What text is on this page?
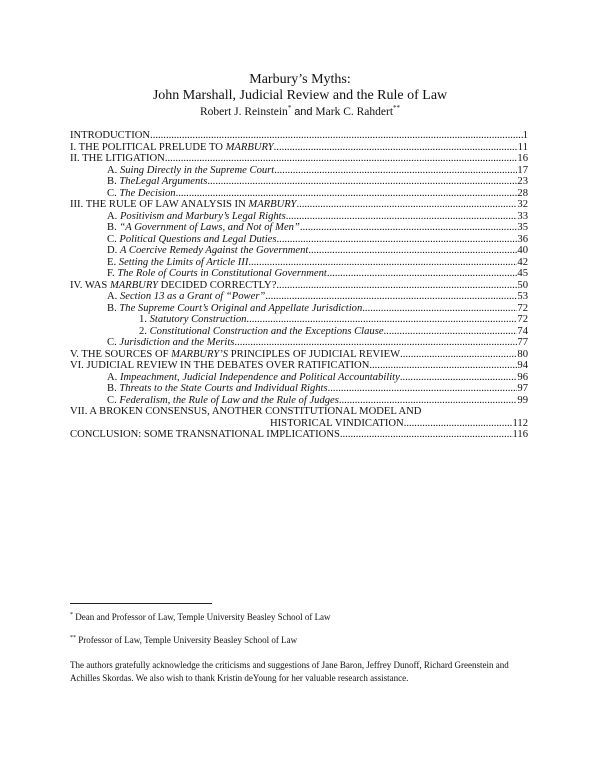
Marbury’s Myths:
John Marshall, Judicial Review and the Rule of Law
Robert J. Reinstein* and Mark C. Rahdert**
INTRODUCTION .....	1
I. THE POLITICAL PRELUDE TO MARBURY .....	11
II. THE LITIGATION .....	16
A. Suing Directly in the Supreme Court .....	17
B. TheLegal Arguments .....	23
C. The Decision .....	28
III. THE RULE OF LAW ANALYSIS IN MARBURY .....	32
A. Positivism and Marbury’s Legal Rights .....	33
B. “A Government of Laws, and Not of Men” .....	35
C. Political Questions and Legal Duties .....	36
D. A Coercive Remedy Against the Government .....	40
E. Setting the Limits of Article III .....	42
F. The Role of Courts in Constitutional Government .....	45
IV. WAS MARBURY DECIDED CORRECTLY? .....	50
A. Section 13 as a Grant of “Power” .....	53
B. The Supreme Court’s Original and Appellate Jurisdiction .....	72
1. Statutory Construction .....	72
2. Constitutional Construction and the Exceptions Clause .....	74
C. Jurisdiction and the Merits .....	77
V. THE SOURCES OF MARBURY’S PRINCIPLES OF JUDICIAL REVIEW .....	80
VI. JUDICIAL REVIEW IN THE DEBATES OVER RATIFICATION .....	94
A. Impeachment, Judicial Independence and Political Accountability .....	96
B. Threats to the State Courts and Individual Rights .....	97
C. Federalism, the Rule of Law and the Rule of Judges .....	99
VII. A BROKEN CONSENSUS, ANOTHER CONSTITUTIONAL MODEL AND
HISTORICAL VINDICATION .....	112
CONCLUSION: SOME TRANSNATIONAL IMPLICATIONS .....	116
* Dean and Professor of Law, Temple University Beasley School of Law
** Professor of Law, Temple University Beasley School of Law
The authors gratefully acknowledge the criticisms and suggestions of Jane Baron, Jeffrey Dunoff, Richard Greenstein and Achilles Skordas. We also wish to thank Kristin deYoung for her valuable research assistance.
